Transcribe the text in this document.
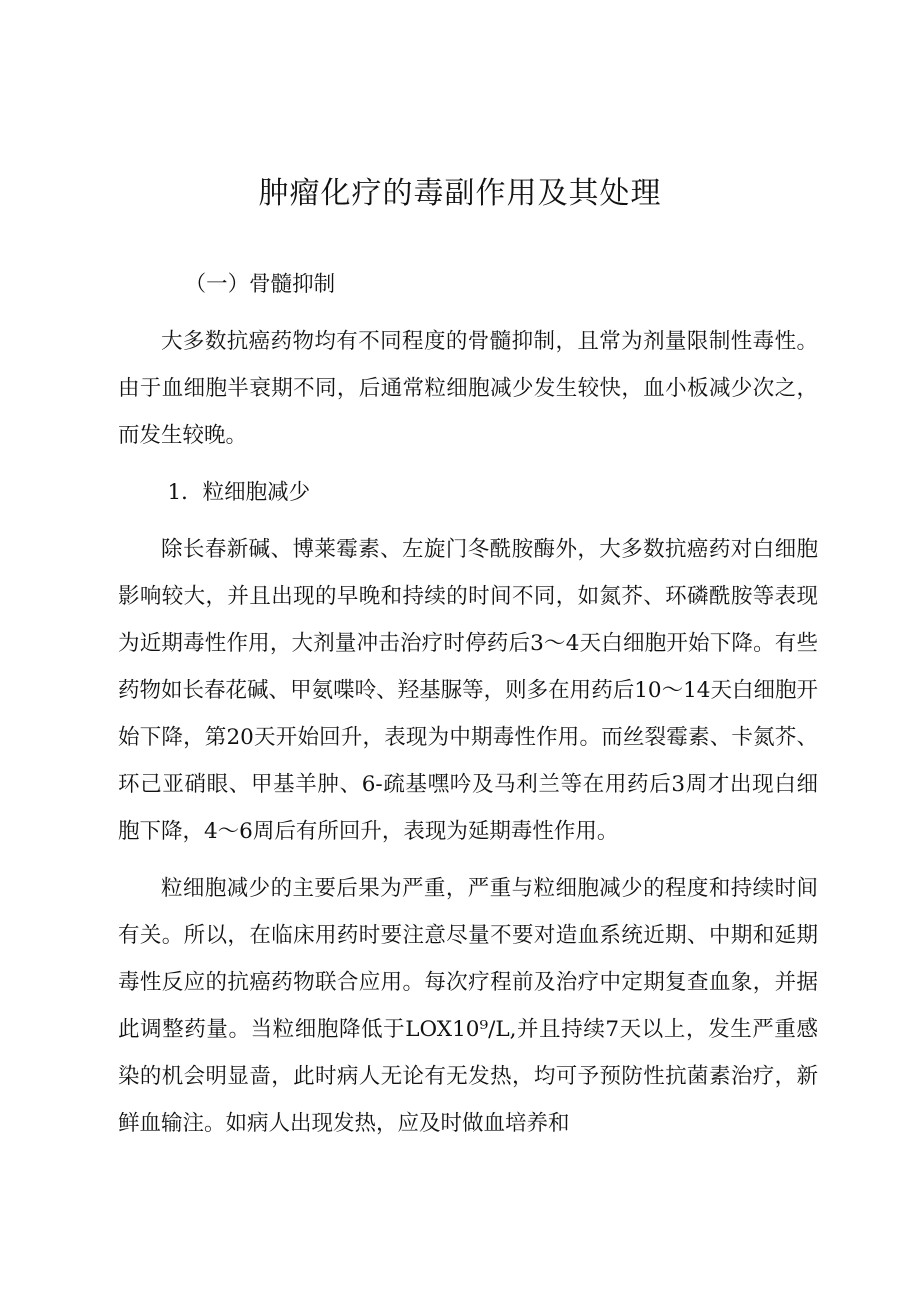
肿瘤化疗的毒副作用及其处理

（一）骨髓抑制

大多数抗癌药物均有不同程度的骨髓抑制，且常为剂量限制性毒性。由于血细胞半衰期不同，后通常粒细胞减少发生较快，血小板减少次之，而发生较晚。

1．粒细胞减少

除长春新碱、博莱霉素、左旋门冬酰胺酶外，大多数抗癌药对白细胞影响较大，并且出现的早晚和持续的时间不同，如氮芥、环磷酰胺等表现为近期毒性作用，大剂量冲击治疗时停药后3～4天白细胞开始下降。有些药物如长春花碱、甲氨喋呤、羟基脲等，则多在用药后10～14天白细胞开始下降，第20天开始回升，表现为中期毒性作用。而丝裂霉素、卡氮芥、环己亚硝眼、甲基羊肿、6-疏基嘿吟及马利兰等在用药后3周才出现白细胞下降，4～6周后有所回升，表现为延期毒性作用。

粒细胞减少的主要后果为严重，严重与粒细胞减少的程度和持续时间有关。所以，在临床用药时要注意尽量不要对造血系统近期、中期和延期毒性反应的抗癌药物联合应用。每次疗程前及治疗中定期复查血象，并据此调整药量。当粒细胞降低于LOX10⁹/L,并且持续7天以上，发生严重感染的机会明显啬，此时病人无论有无发热，均可予预防性抗菌素治疗，新鲜血输注。如病人出现发热，应及时做血培养和
